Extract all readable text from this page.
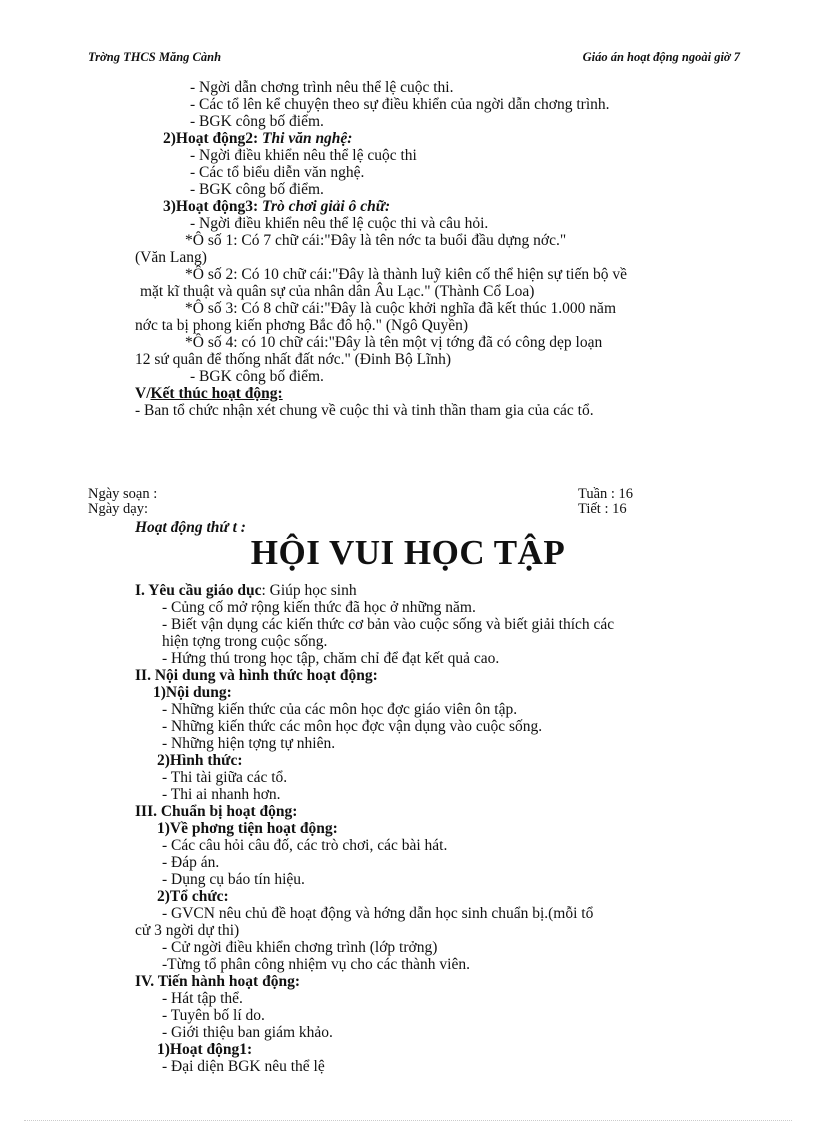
Trờng THCS Măng Cành	Giáo án hoạt động ngoài giờ 7
- Ngời dẫn chơng trình nêu thể lệ cuộc thi.
- Các tổ lên kể chuyện theo sự điều khiển của ngời dẫn chơng trình.
- BGK công bố điểm.
2)Hoạt động2: Thi văn nghệ:
- Ngời điều khiển nêu thể lệ cuộc thi
- Các tổ biểu diễn văn nghệ.
- BGK công bố điểm.
3)Hoạt động3: Trò chơi giải ô chữ:
- Ngời điều khiển nêu thể lệ cuộc thi và câu hỏi.
*Ô số 1: Có 7 chữ cái:"Đây là tên nớc ta buổi đầu dựng nớc."
(Văn Lang)
*Ô số 2: Có 10 chữ cái:"Đây là thành luỹ kiên cố thể hiện sự tiến bộ về
mặt kĩ thuật và quân sự của nhân dân Âu Lạc." (Thành Cổ Loa)
*Ô số 3: Có 8 chữ cái:"Đây là cuộc khởi nghĩa đã kết thúc 1.000 năm
nớc ta bị phong kiến phơng Bắc đô hộ." (Ngô Quyền)
*Ô số 4: có 10 chữ cái:"Đây là tên một vị tớng đã có công dẹp loạn
12 sứ quân để thống nhất đất nớc." (Đinh Bộ Lĩnh)
- BGK công bố điểm.
V/Kết thúc hoạt động:
- Ban tổ chức nhận xét chung về cuộc thi và tinh thần tham gia của các tổ.
Ngày soạn :
Ngày dạy:
Tuần : 16
Tiết : 16
Hoạt động thứ t :
HỘI VUI HỌC TẬP
I. Yêu cầu giáo dục: Giúp học sinh
- Củng cố mở rộng kiến thức đã học ở những năm.
- Biết vận dụng các kiến thức cơ bản vào cuộc sống và biết giải thích các
hiện tợng trong cuộc sống.
- Hứng thú trong học tập, chăm chỉ để đạt kết quả cao.
II. Nội dung và hình thức hoạt động:
1)Nội dung:
- Những kiến thức của các môn học đợc giáo viên ôn tập.
- Những kiến thức các môn học đợc vận dụng vào cuộc sống.
- Những hiện tợng tự nhiên.
2)Hình thức:
- Thi tài giữa các tổ.
- Thi ai nhanh hơn.
III. Chuẩn bị hoạt động:
1)Về phơng tiện hoạt động:
- Các câu hỏi câu đố, các trò chơi, các bài hát.
- Đáp án.
- Dụng cụ báo tín hiệu.
2)Tổ chức:
- GVCN nêu chủ đề hoạt động và hớng dẫn học sinh chuẩn bị.(mỗi tổ
cử 3 ngời dự thi)
- Cử ngời điều khiển chơng trình (lớp trởng)
-Từng tổ phân công nhiệm vụ cho các thành viên.
IV. Tiến hành hoạt động:
- Hát tập thể.
- Tuyên bố lí do.
- Giới thiệu ban giám khảo.
1)Hoạt động1:
- Đại diện BGK nêu thể lệ
